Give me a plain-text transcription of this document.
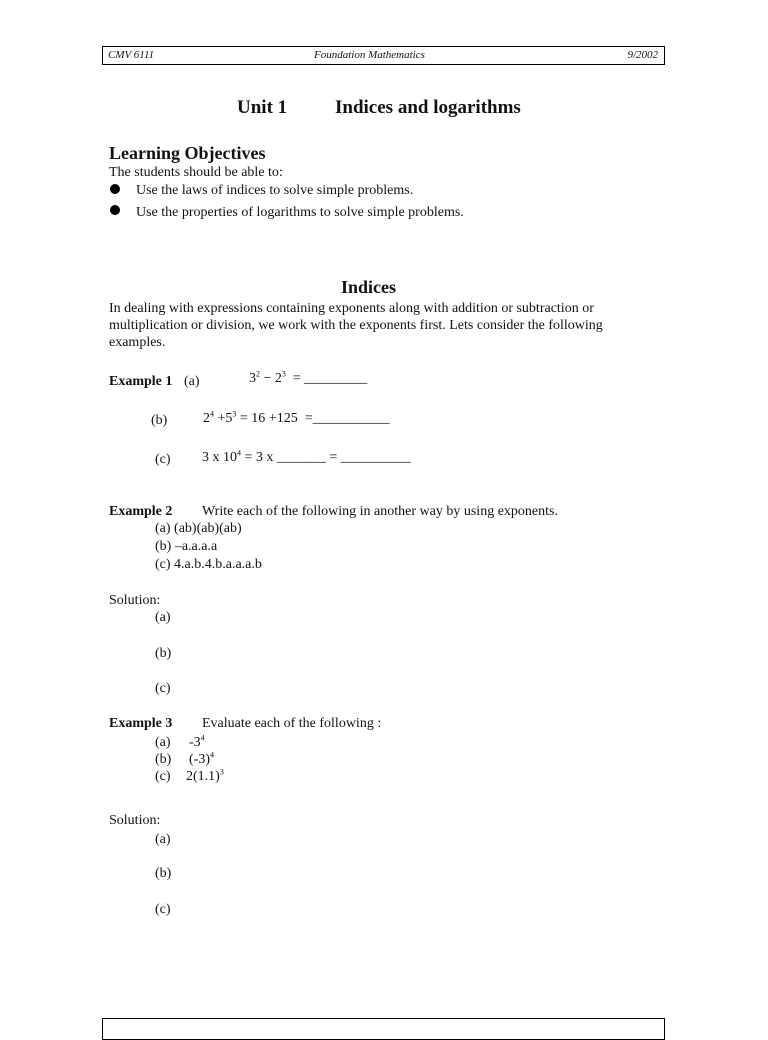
CMV 6111	Foundation Mathematics	9/2002
Unit 1	Indices and logarithms
Learning Objectives
The students should be able to:
Use the laws of indices to solve simple problems.
Use the properties of logarithms to solve simple problems.
Indices
In dealing with expressions containing exponents along with addition or subtraction or
multiplication or division, we work with the exponents first. Lets consider the following
examples.
Example 1 (a)	$3^2 - 2^3$  = _________
(b)	$2^4 +5^3 = 16 +125$  =___________
(c) 3 x $10^4 = 3$ x _______ = __________
Example 2 Write each of the following in another way by using exponents.
(a) (ab)(ab)(ab)
(b) –a.a.a.a
(c) 4.a.b.4.b.a.a.a.b
Solution:
(a)
(b)
(c)
Example 3 Evaluate each of the following :
(a) $-3^4$
(b) $(-3)^4$
(c) $2(1.1)^3$
Solution:
(a)
(b)
(c)
